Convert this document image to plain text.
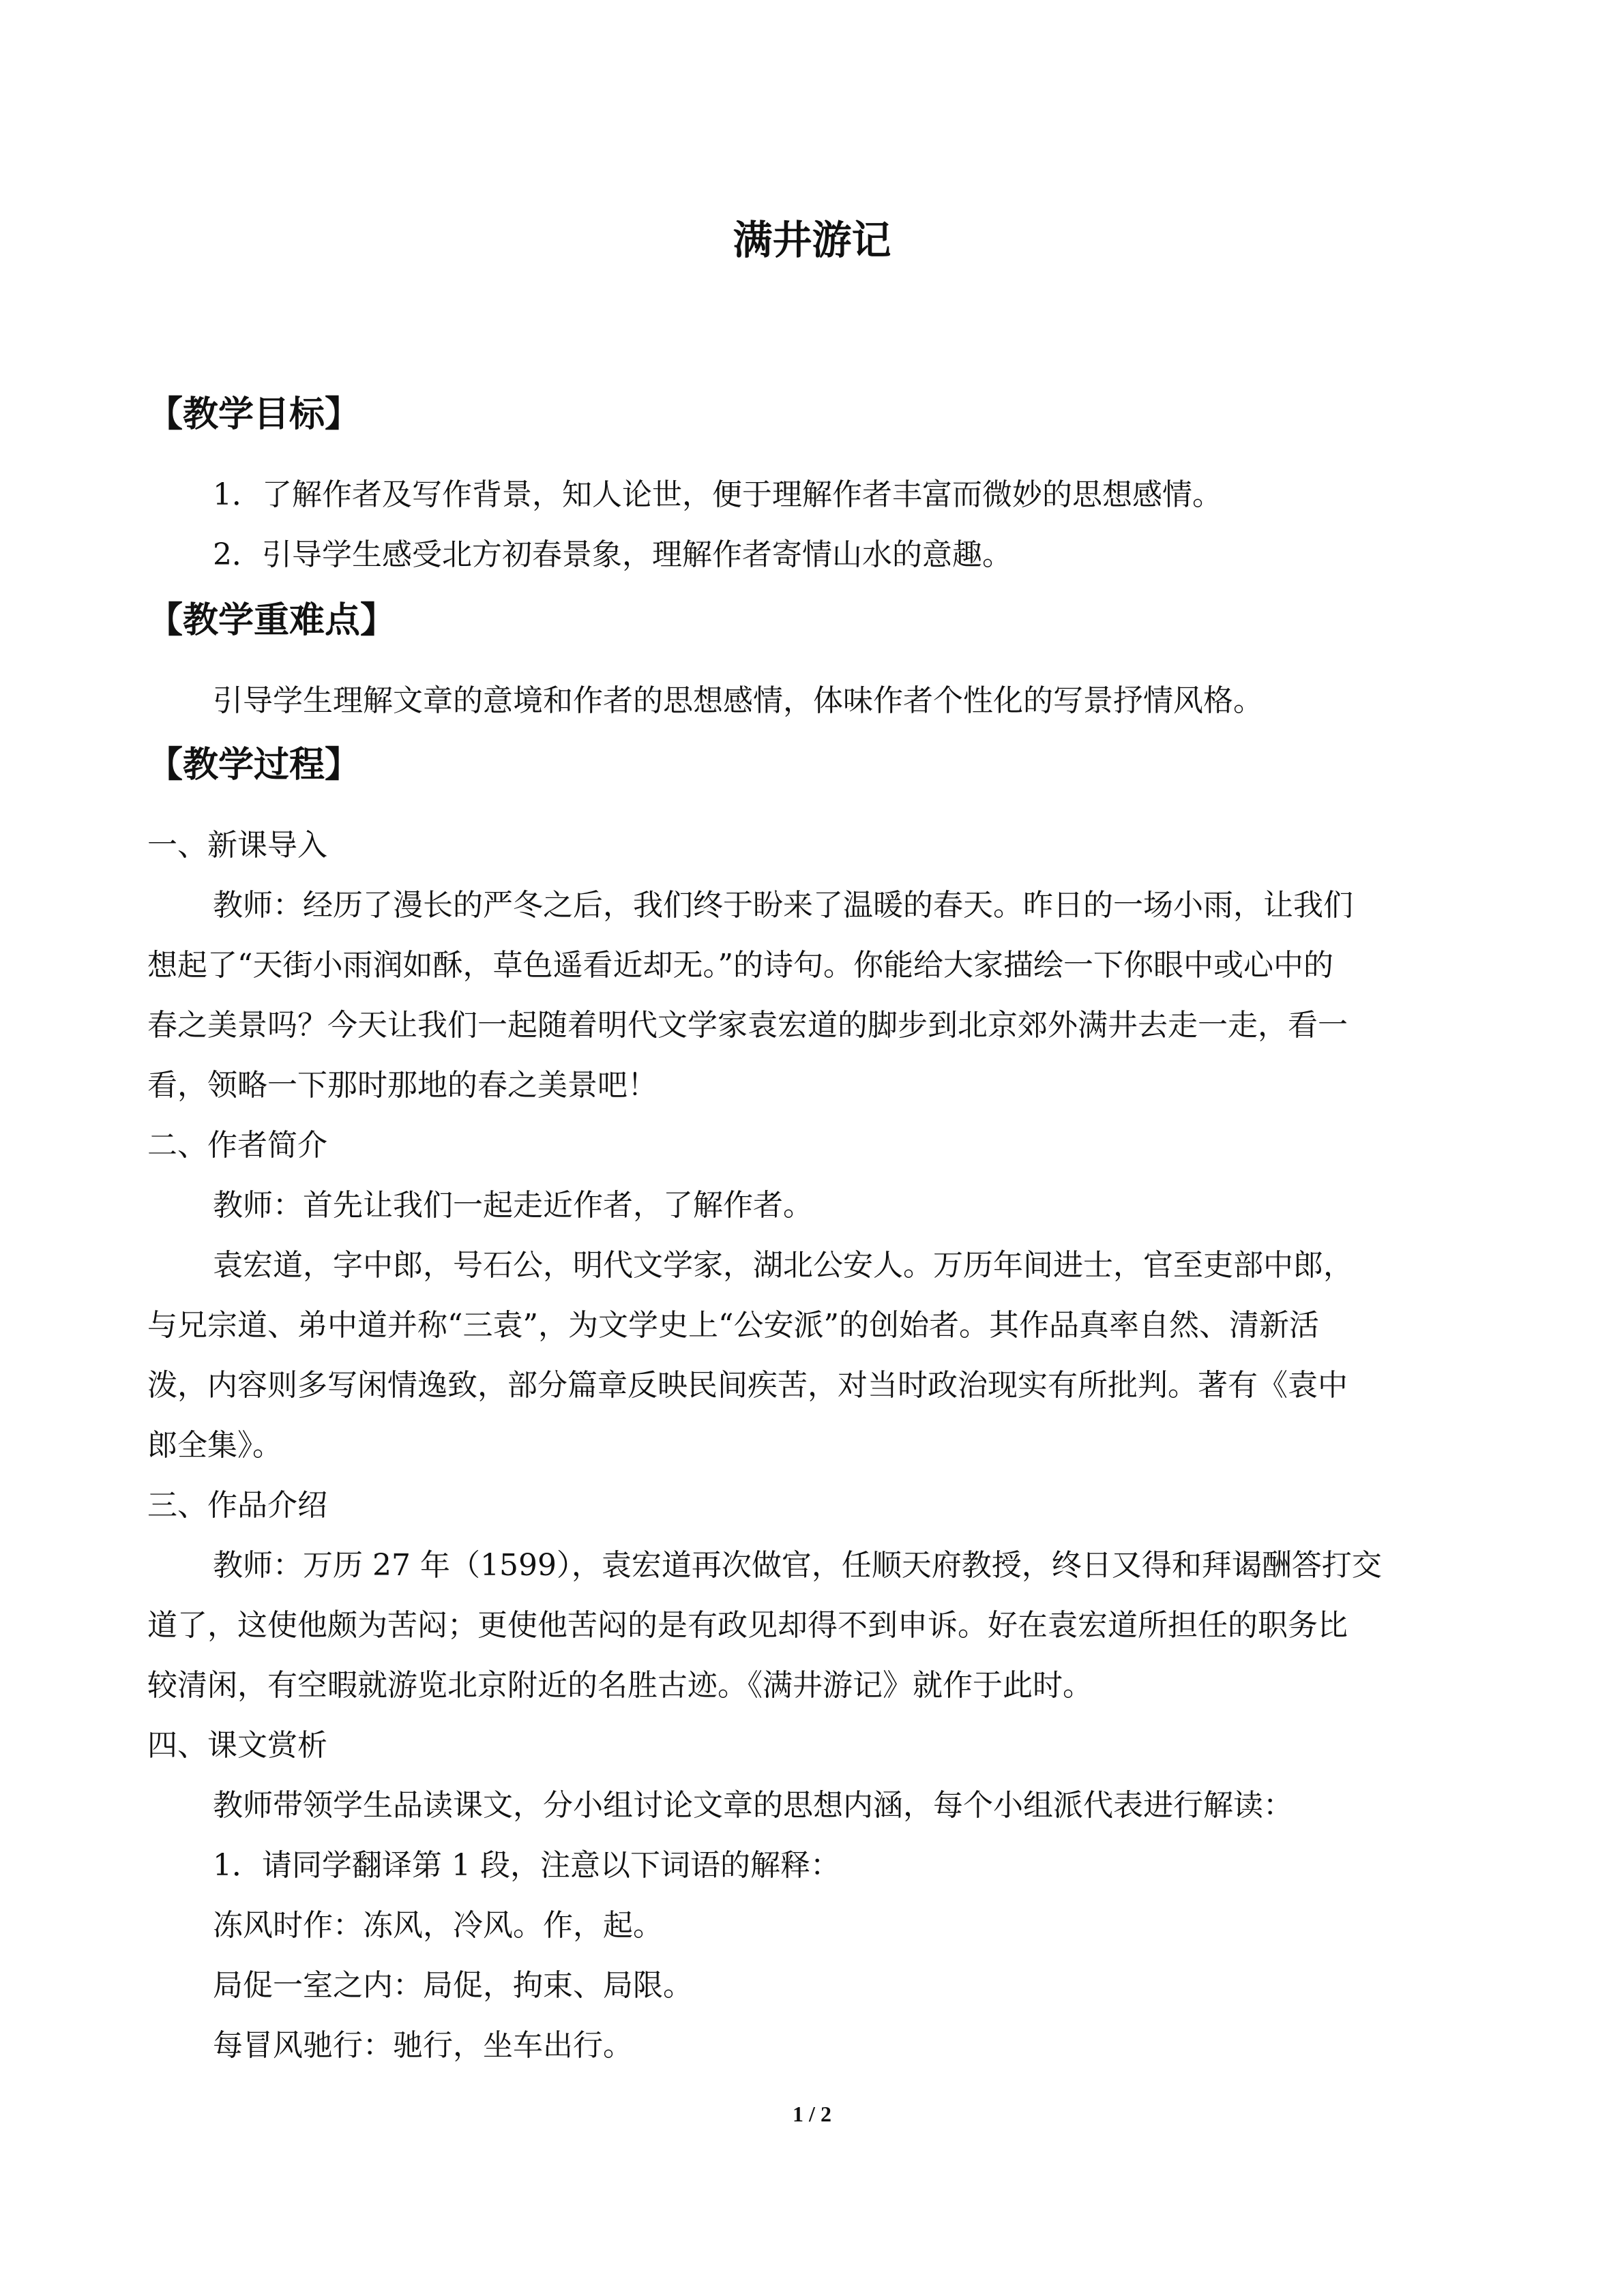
满井游记
【教学目标】

1．了解作者及写作背景，知人论世，便于理解作者丰富而微妙的思想感情。

2．引导学生感受北方初春景象，理解作者寄情山水的意趣。

【教学重难点】

引导学生理解文章的意境和作者的思想感情，体味作者个性化的写景抒情风格。

【教学过程】

一、新课导入

教师：经历了漫长的严冬之后，我们终于盼来了温暖的春天。昨日的一场小雨，让我们

想起了“天街小雨润如酥，草色遥看近却无。”的诗句。你能给大家描绘一下你眼中或心中的

春之美景吗？今天让我们一起随着明代文学家袁宏道的脚步到北京郊外满井去走一走，看一

看，领略一下那时那地的春之美景吧！

二、作者简介

教师：首先让我们一起走近作者，了解作者。

袁宏道，字中郎，号石公，明代文学家，湖北公安人。万历年间进士，官至吏部中郎，

与兄宗道、弟中道并称“三袁”，为文学史上“公安派”的创始者。其作品真率自然、清新活

泼，内容则多写闲情逸致，部分篇章反映民间疾苦，对当时政治现实有所批判。著有《袁中

郎全集》。

三、作品介绍

教师：万历 27 年（1599），袁宏道再次做官，任顺天府教授，终日又得和拜谒酬答打交

道了，这使他颇为苦闷；更使他苦闷的是有政见却得不到申诉。好在袁宏道所担任的职务比

较清闲，有空暇就游览北京附近的名胜古迹。《满井游记》就作于此时。

四、课文赏析

教师带领学生品读课文，分小组讨论文章的思想内涵，每个小组派代表进行解读：

1．请同学翻译第 1 段，注意以下词语的解释：

冻风时作：冻风，冷风。作，起。

局促一室之内：局促，拘束、局限。

每冒风驰行：驰行，坐车出行。

1 / 2
